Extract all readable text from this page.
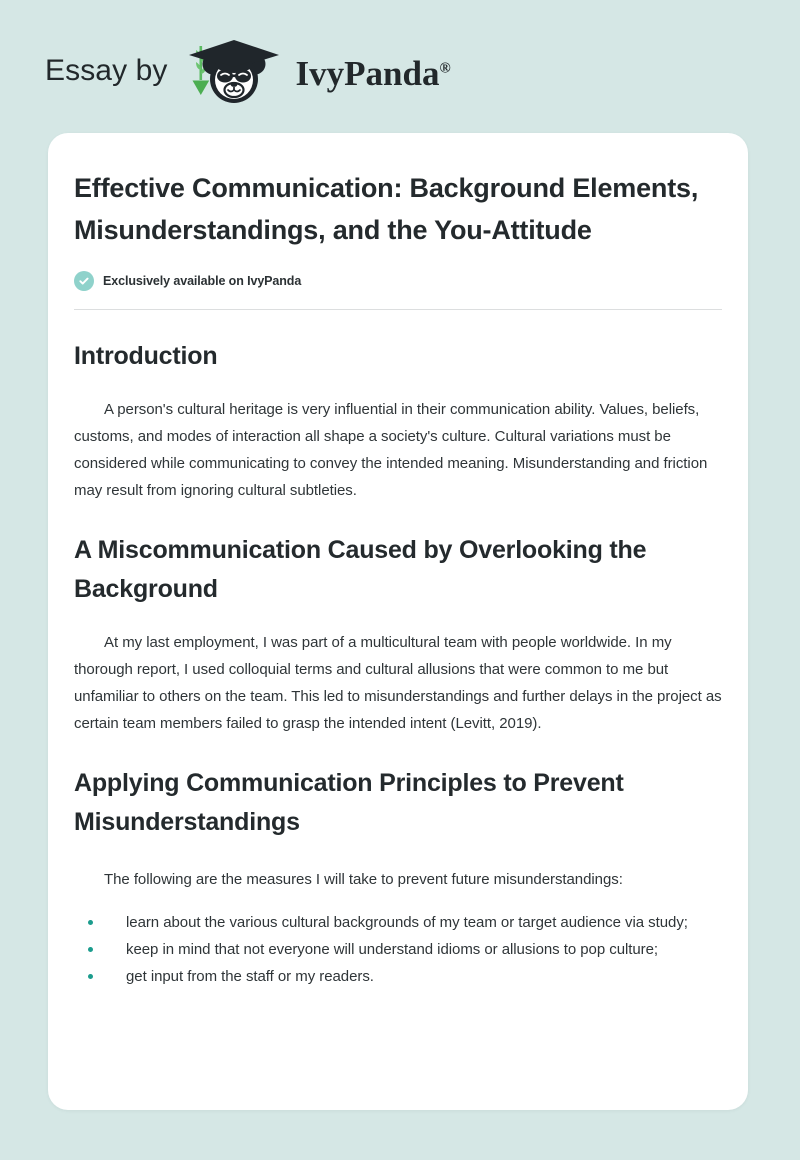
Essay by	IvyPanda®
Effective Communication: Background Elements, Misunderstandings, and the You-Attitude
Exclusively available on IvyPanda
Introduction

A person's cultural heritage is very influential in their communication ability. Values, beliefs, customs, and modes of interaction all shape a society's culture. Cultural variations must be considered while communicating to convey the intended meaning. Misunderstanding and friction may result from ignoring cultural subtleties.

A Miscommunication Caused by Overlooking the Background

At my last employment, I was part of a multicultural team with people worldwide. In my thorough report, I used colloquial terms and cultural allusions that were common to me but unfamiliar to others on the team. This led to misunderstandings and further delays in the project as certain team members failed to grasp the intended intent (Levitt, 2019).

Applying Communication Principles to Prevent Misunderstandings

The following are the measures I will take to prevent future misunderstandings:

learn about the various cultural backgrounds of my team or target audience via study;
keep in mind that not everyone will understand idioms or allusions to pop culture;
get input from the staff or my readers.
